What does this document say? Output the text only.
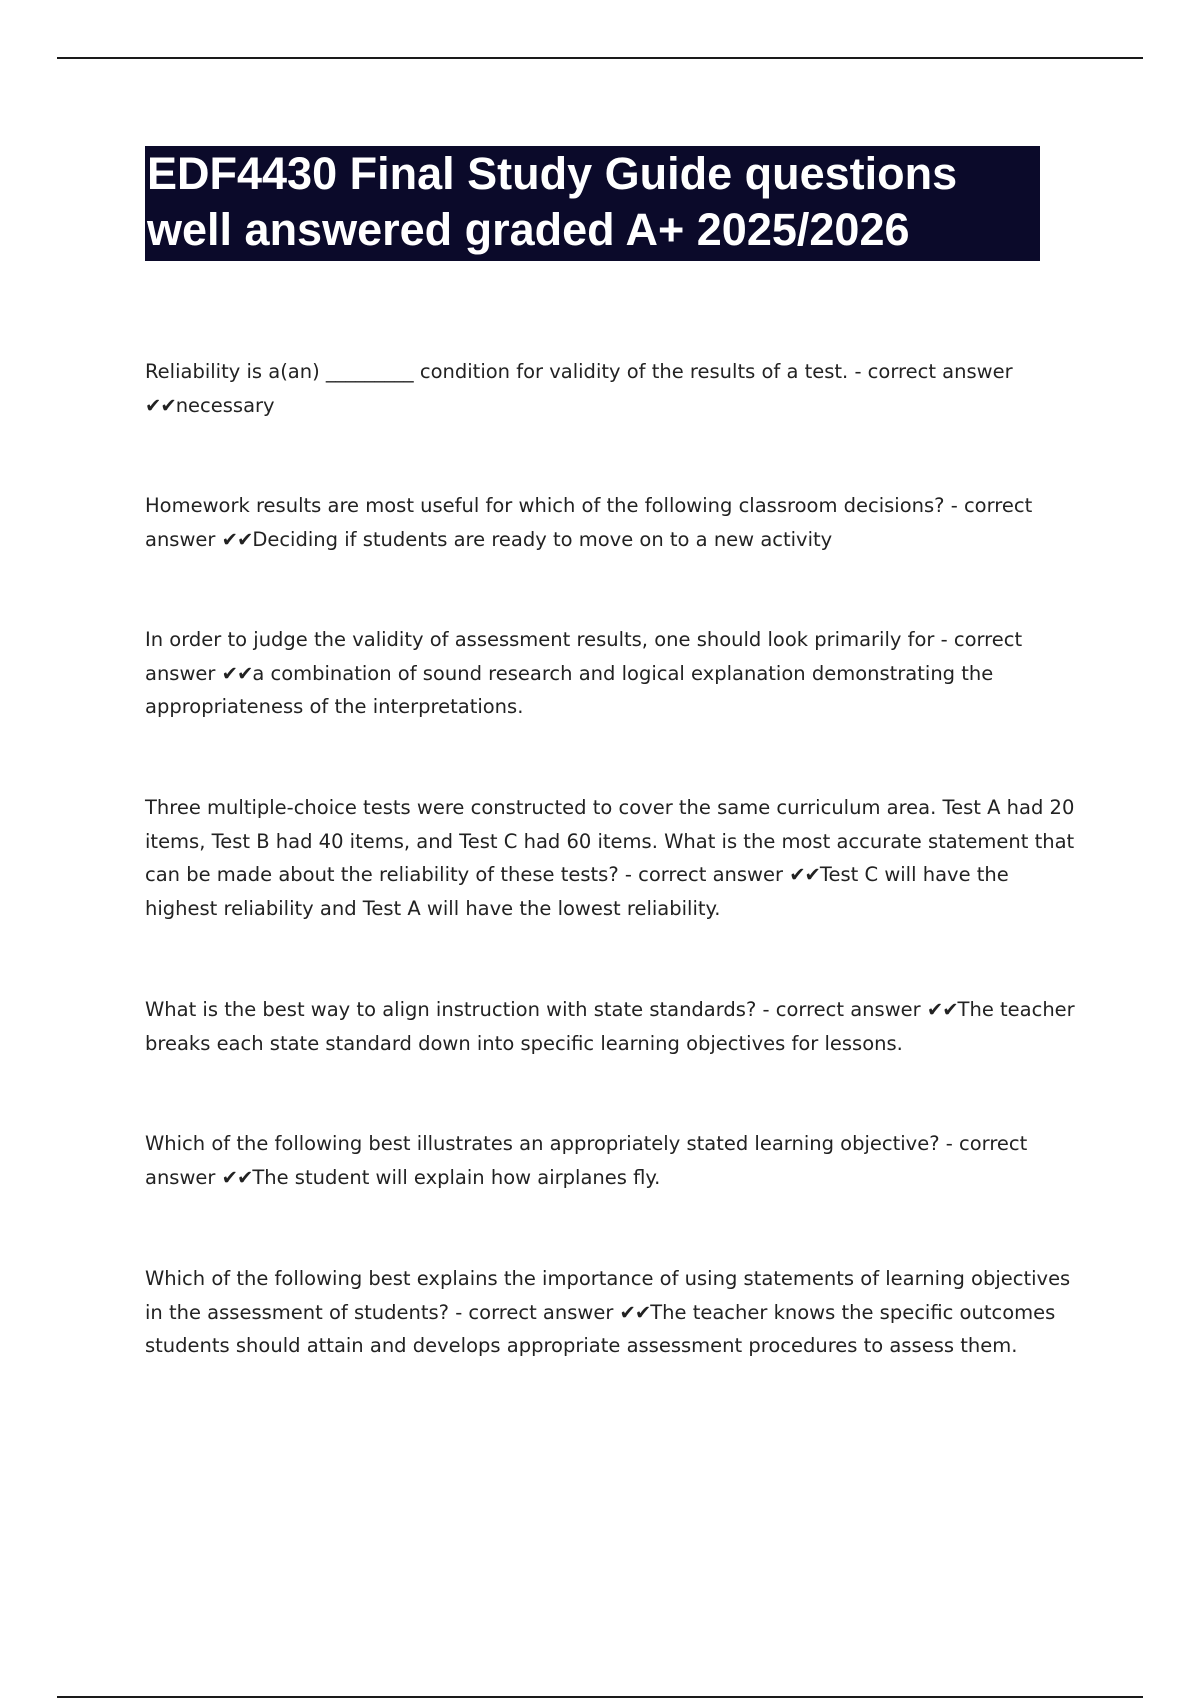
EDF4430 Final Study Guide questions
well answered graded A+ 2025/2026

Reliability is a(an) _________ condition for validity of the results of a test. - correct answer ✔✔necessary

Homework results are most useful for which of the following classroom decisions? - correct answer ✔✔Deciding if students are ready to move on to a new activity

In order to judge the validity of assessment results, one should look primarily for - correct answer ✔✔a combination of sound research and logical explanation demonstrating the appropriateness of the interpretations.

Three multiple-choice tests were constructed to cover the same curriculum area. Test A had 20 items, Test B had 40 items, and Test C had 60 items. What is the most accurate statement that can be made about the reliability of these tests? - correct answer ✔✔Test C will have the highest reliability and Test A will have the lowest reliability.

What is the best way to align instruction with state standards? - correct answer ✔✔The teacher breaks each state standard down into specific learning objectives for lessons.

Which of the following best illustrates an appropriately stated learning objective? - correct answer ✔✔The student will explain how airplanes fly.

Which of the following best explains the importance of using statements of learning objectives in the assessment of students? - correct answer ✔✔The teacher knows the specific outcomes students should attain and develops appropriate assessment procedures to assess them.
